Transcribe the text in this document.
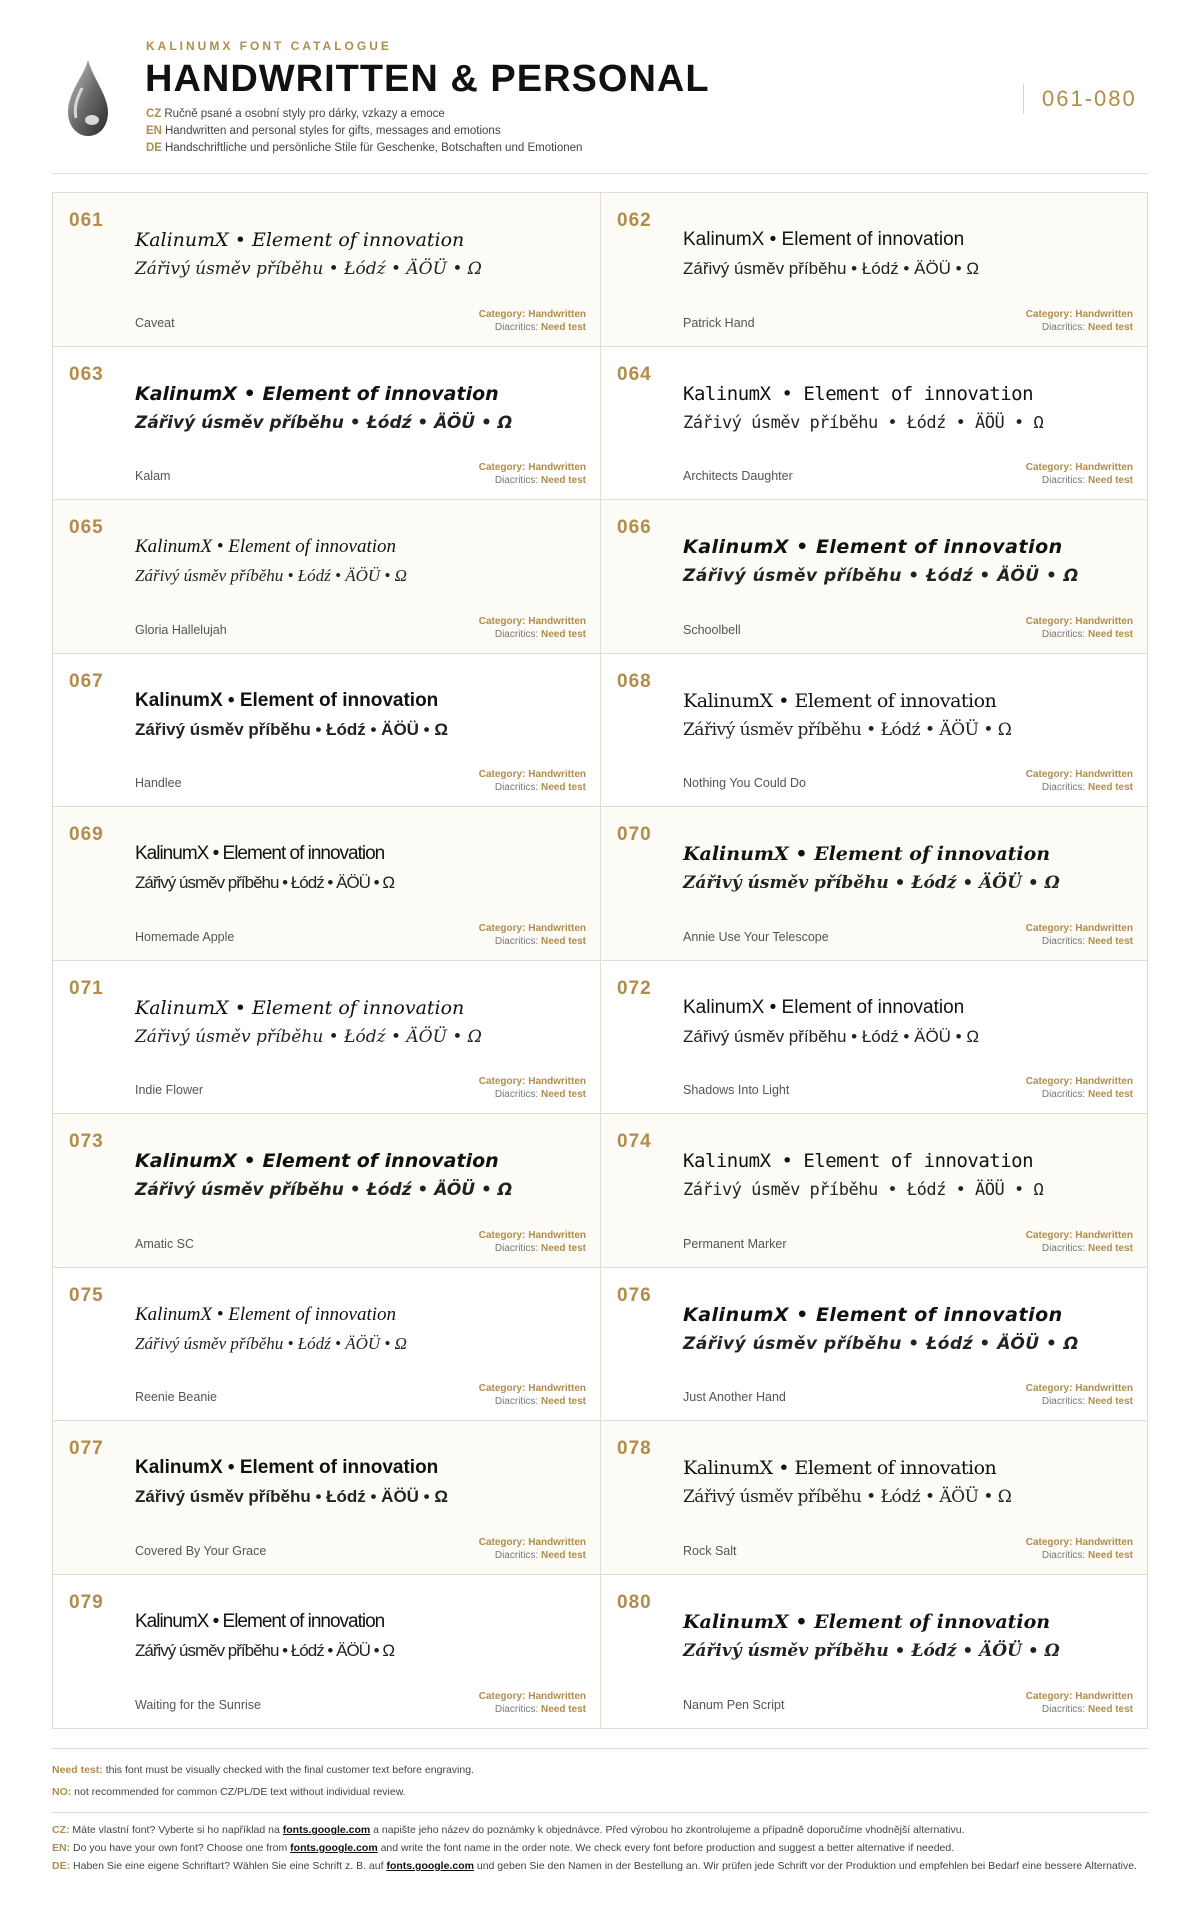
KALINUMX FONT CATALOGUE
HANDWRITTEN & PERSONAL
CZ Ručně psané a osobní styly pro dárky, vzkazy a emoce
EN Handwritten and personal styles for gifts, messages and emotions
DE Handschriftliche und persönliche Stile für Geschenke, Botschaften und Emotionen
061-080
061
KalinumX • Element of innovation
Zářivý úsměv příběhu • Łódź • ÄÖÜ • Ω
Caveat
Category: Handwritten
Diacritics: Need test
062
KalinumX • Element of innovation
Zářivý úsměv příběhu • Łódź • ÄÖÜ • Ω
Patrick Hand
Category: Handwritten
Diacritics: Need test
063
KalinumX • Element of innovation
Zářivý úsměv příběhu • Łódź • ÄÖÜ • Ω
Kalam
Category: Handwritten
Diacritics: Need test
064
KalinumX • Element of innovation
Zářivý úsměv příběhu • Łódź • ÄÖÜ • Ω
Architects Daughter
Category: Handwritten
Diacritics: Need test
065
KalinumX • Element of innovation
Zářivý úsměv příběhu • Łódź • ÄÖÜ • Ω
Gloria Hallelujah
Category: Handwritten
Diacritics: Need test
066
KalinumX • Element of innovation
Zářivý úsměv příběhu • Łódź • ÄÖÜ • Ω
Schoolbell
Category: Handwritten
Diacritics: Need test
067
KalinumX • Element of innovation
Zářivý úsměv příběhu • Łódź • ÄÖÜ • Ω
Handlee
Category: Handwritten
Diacritics: Need test
068
KalinumX • Element of innovation
Zářivý úsměv příběhu • Łódź • ÄÖÜ • Ω
Nothing You Could Do
Category: Handwritten
Diacritics: Need test
069
KalinumX • Element of innovation
Zářivý úsměv příběhu • Łódź • ÄÖÜ • Ω
Homemade Apple
Category: Handwritten
Diacritics: Need test
070
KalinumX • Element of innovation
Zářivý úsměv příběhu • Łódź • ÄÖÜ • Ω
Annie Use Your Telescope
Category: Handwritten
Diacritics: Need test
071
KalinumX • Element of innovation
Zářivý úsměv příběhu • Łódź • ÄÖÜ • Ω
Indie Flower
Category: Handwritten
Diacritics: Need test
072
KalinumX • Element of innovation
Zářivý úsměv příběhu • Łódź • ÄÖÜ • Ω
Shadows Into Light
Category: Handwritten
Diacritics: Need test
073
KalinumX • Element of innovation
Zářivý úsměv příběhu • Łódź • ÄÖÜ • Ω
Amatic SC
Category: Handwritten
Diacritics: Need test
074
KalinumX • Element of innovation
Zářivý úsměv příběhu • Łódź • ÄÖÜ • Ω
Permanent Marker
Category: Handwritten
Diacritics: Need test
075
KalinumX • Element of innovation
Zářivý úsměv příběhu • Łódź • ÄÖÜ • Ω
Reenie Beanie
Category: Handwritten
Diacritics: Need test
076
KalinumX • Element of innovation
Zářivý úsměv příběhu • Łódź • ÄÖÜ • Ω
Just Another Hand
Category: Handwritten
Diacritics: Need test
077
KalinumX • Element of innovation
Zářivý úsměv příběhu • Łódź • ÄÖÜ • Ω
Covered By Your Grace
Category: Handwritten
Diacritics: Need test
078
KalinumX • Element of innovation
Zářivý úsměv příběhu • Łódź • ÄÖÜ • Ω
Rock Salt
Category: Handwritten
Diacritics: Need test
079
KalinumX • Element of innovation
Zářivý úsměv příběhu • Łódź • ÄÖÜ • Ω
Waiting for the Sunrise
Category: Handwritten
Diacritics: Need test
080
KalinumX • Element of innovation
Zářivý úsměv příběhu • Łódź • ÄÖÜ • Ω
Nanum Pen Script
Category: Handwritten
Diacritics: Need test

Need test: this font must be visually checked with the final customer text before engraving.

NO: not recommended for common CZ/PL/DE text without individual review.

CZ: Máte vlastní font? Vyberte si ho například na fonts.google.com a napište jeho název do poznámky k objednávce. Před výrobou ho zkontrolujeme a případně doporučíme vhodnější alternativu.

EN: Do you have your own font? Choose one from fonts.google.com and write the font name in the order note. We check every font before production and suggest a better alternative if needed.

DE: Haben Sie eine eigene Schriftart? Wählen Sie eine Schrift z. B. auf fonts.google.com und geben Sie den Namen in der Bestellung an. Wir prüfen jede Schrift vor der Produktion und empfehlen bei Bedarf eine bessere Alternative.
